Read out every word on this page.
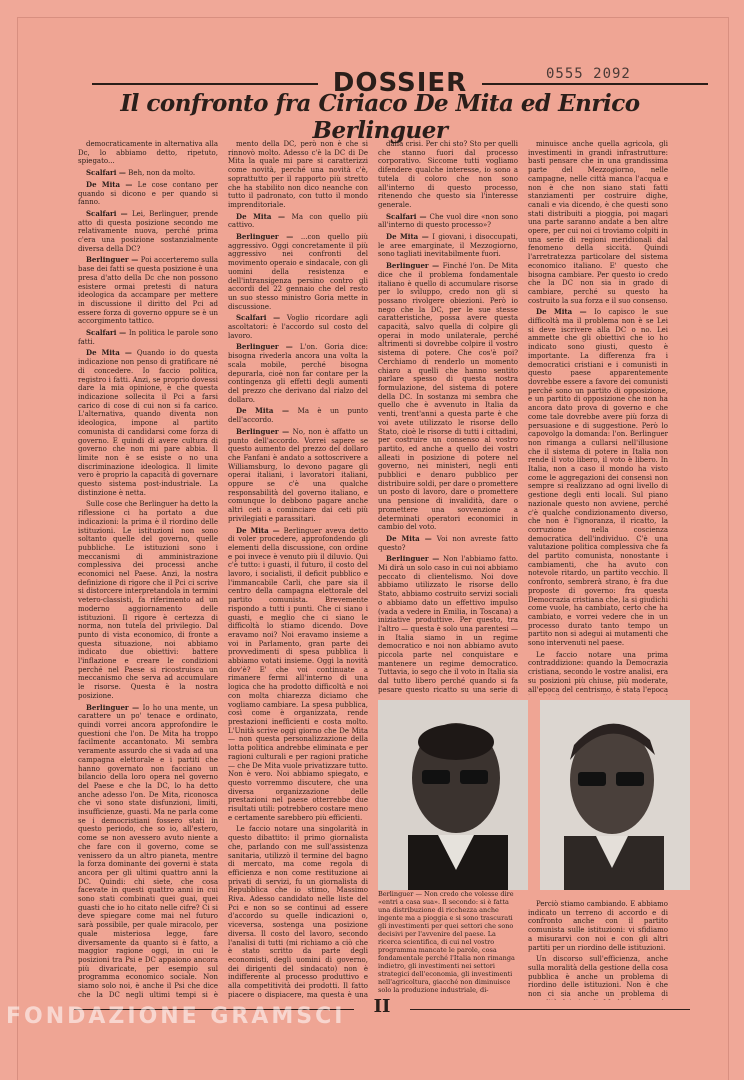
0555 2092
DOSSIER
Il confronto fra Ciriaco De Mita ed Enrico Berlinguer

democraticamente in alternativa alla Dc, lo abbiamo detto, ripetuto, spiegato...

Scalfari — Beh, non da molto.

De Mita — Le cose contano per quando si dicono e per quando si fanno.

Scalfari — Lei, Berlinguer, prende atto di questa posizione secondo me relativamente nuova, perché prima c'era una posizione sostanzialmente diversa della DC?

Berlinguer — Poi accerteremo sulla base dei fatti se questa posizione è una presa d'atto della Dc che non possono esistere ormai pretesti di natura ideologica da accampare per mettere in discussione il diritto del Pci ad essere forza di governo oppure se è un accorgimento tattico.

Scalfari — In politica le parole sono fatti.

De Mita — Quando io do questa indicazione non penso di gratificare né di concedere. Io faccio politica, registro i fatti. Anzi, se proprio dovessi dare la mia opinione, è che questa indicazione sollecita il Pci a farsi carico di cose di cui non si fa carico. L'alternativa, quando diventa non ideologica, impone al partito comunista di candidarsi come forza di governo. E quindi di avere cultura di governo che non mi pare abbia. Il limite non è se esiste o no una discriminazione ideologica. Il limite vero è proprio la capacità di governare questo sistema post-industriale. La distinzione è netta.

Sulle cose che Berlinguer ha detto la riflessione ci ha portato a due indicazioni: la prima è il riordino delle istituzioni. Le istituzioni non sono soltanto quelle del governo, quelle pubbliche. Le istituzioni sono i meccanismi di amministrazione complessiva dei processi anche economici nel Paese. Anzi, la nostra definizione di rigore che il Pci ci scrive si distorcere interpretandola in termini vetero-classisti, fa riferimento ad un moderno aggiornamento delle istituzioni. Il rigore è certezza di norma, non tutela del privilegio. Dal punto di vista economico, di fronte a questa situazione, noi abbiamo indicato due obiettivi: battere l'inflazione e creare le condizioni perché nel Paese si ricostruisca un meccanismo che serva ad accumulare le risorse. Questa è la nostra posizione.

Berlinguer — Io ho una mente, un carattere un po' tenace e ordinato, quindi vorrei ancora approfondire le questioni che l'on. De Mita ha troppo facilmente accantonato. Mi sembra veramente assurdo che si vada ad una campagna elettorale e i partiti che hanno governato non facciano un bilancio della loro opera nel governo del Paese e che la DC, lo ha detto anche adesso l'on. De Mita, riconosca che vi sono state disfunzioni, limiti, insufficienze, guasti. Ma ne parla come se i democristiani fossero stati in questo periodo, che so io, all'estero, come se non avessero avuto niente a che fare con il governo, come se venissero da un altro pianeta, mentre la forza dominante dei governi è stata ancora per gli ultimi quattro anni la DC. Quindi: chi siete, che cosa facevate in questi quattro anni in cui sono stati combinati quei guai, quei guasti che io ho citato nelle cifre? Ci si deve spiegare come mai nel futuro sarà possibile, per quale miracolo, per quale misteriosa legge, fare diversamente da quanto si è fatto, a maggior ragione oggi, in cui le posizioni tra Psi e DC appaiono ancora più divaricate, per esempio sul programma economico sociale. Non siamo solo noi, è anche il Psi che dice che la DC negli ultimi tempi si è

mento della DC, però non è che si rinnovò molto. Adesso c'è la DC di De Mita la quale mi pare si caratterizzi come novità, perché una novità c'è, soprattutto per il rapporto più stretto che ha stabilito non dico neanche con tutto il padronato, con tutto il mondo imprenditoriale.

De Mita — Ma con quello più cattivo.

Berlinguer — ...con quello più aggressivo. Oggi concretamente il più aggressivo nei confronti del movimento operaio e sindacale, con gli uomini della resistenza e dell'intransigenza persino contro gli accordi del 22 gennaio che del resto un suo stesso ministro Goria mette in discussione.

Scalfari — Voglio ricordare agli ascoltatori: è l'accordo sul costo del lavoro.

Berlinguer — L'on. Goria dice: bisogna rivederla ancora una volta la scala mobile, perché bisogna depurarla, cioè non far contare per la contingenza gli effetti degli aumenti del prezzo che derivano dal rialzo del dollaro.

De Mita — Ma è un punto dell'accordo.

Berlinguer — No, non è affatto un punto dell'accordo. Vorrei sapere se questo aumento del prezzo del dollaro che Fanfani è andato a sottoscrivere a Williamsburg, lo devono pagare gli operai italiani, i lavoratori italiani, oppure se c'è una qualche responsabilità del governo italiano, e comunque lo debbono pagare anche altri ceti a cominciare dai ceti più privilegiati e parassitari.

De Mita — Berlinguer aveva detto di voler procedere, approfondendo gli elementi della discussione, con ordine e poi invece è venuto più il diluvio. Qui c'è tutto: i guasti, il futuro, il costo del lavoro, i socialisti, il deficit pubblico e l'immancabile Carli, che pare sia il centro della campagna elettorale del partito comunista. Brevemente rispondo a tutti i punti. Che ci siano i guasti, e meglio che ci siano le difficoltà lo stiamo dicendo. Dove eravamo noi? Noi eravamo insieme a voi in Parlamento, gran parte dei provvedimenti di spesa pubblica li abbiamo votati insieme. Oggi la novità dov'è? E' che voi continuate a rimanere fermi all'interno di una logica che ha prodotto difficoltà e noi con molta chiarezza diciamo che vogliamo cambiare. La spesa pubblica, così come è organizzata, rende prestazioni inefficienti e costa molto. L'Unità scrive oggi giorno che De Mita — non questa personalizzazione della lotta politica andrebbe eliminata e per ragioni culturali e per ragioni pratiche — che De Mita vuole privatizzare tutto. Non è vero. Noi abbiamo spiegato, e questo vorremmo discutere, che una diversa organizzazione delle prestazioni nel paese otterrebbe due risultati utili: potrebbero costare meno e certamente sarebbero più efficienti.

Le faccio notare una singolarità in questo dibattito: il primo giornalista che, parlando con me sull'assistenza sanitaria, utilizzò il termine del bagno di mercato, ma come regola di efficienza e non come restituzione ai privati di servizi, fu un giornalista di Repubblica che io stimo, Massimo Riva. Adesso candidato nelle liste del Pci e non so se continui ad essere d'accordo su quelle indicazioni o, viceversa, sostenga una posizione diversa. Il costo del lavoro, secondo l'analisi di tutti (mi richiamo a ciò che è stato scritto da parte degli economisti, degli uomini di governo, dei dirigenti del sindacato) non è indifferente al processo produttivo e alla competitività dei prodotti. Il fatto piacere o dispiacere, ma questa è una

dalla crisi. Per chi sto? Sto per quelli che stanno fuori dal processo corporativo. Siccome tutti vogliamo difendere qualche interesse, io sono a tutela di coloro che non sono all'interno di questo processo, ritenendo che questo sia l'interesse generale.

Scalfari — Che vuol dire «non sono all'interno di questo processo»?

De Mita — I giovani, i disoccupati, le aree emarginate, il Mezzogiorno, sono tagliati inevitabilmente fuori.

Berlinguer — Finché l'on. De Mita dice che il problema fondamentale italiano è quello di accumulare risorse per lo sviluppo, credo non gli si possano rivolgere obiezioni. Però io nego che la DC, per le sue stesse caratteristiche, possa avere questa capacità, salvo quella di colpire gli operai in modo unilaterale, perché altrimenti si dovrebbe colpire il vostro sistema di potere. Che cos'è poi? Cerchiamo di renderlo un momento chiaro a quelli che hanno sentito parlare spesso di questa nostra formulazione, del sistema di potere della DC. In sostanza mi sembra che quello che è avvenuto in Italia da venti, trent'anni a questa parte è che voi avete utilizzato le risorse dello Stato, cioè le risorse di tutti i cittadini, per costruire un consenso al vostro partito, ed anche a quello dei vostri alleati in posizione di potere nel governo, nei ministeri, negli enti pubblici e denaro pubblico per distribuire soldi, per dare o promettere un posto di lavoro, dare o promettere una pensione di invalidità, dare o promettere una sovvenzione a determinati operatori economici in cambio del voto.

De Mita — Voi non avreste fatto questo?

Berlinguer — Non l'abbiamo fatto. Mi dirà un solo caso in cui noi abbiamo peccato di clientelismo. Noi dove abbiamo utilizzato le risorse dello Stato, abbiamo costruito servizi sociali o abbiamo dato un effettivo impulso (vada a vedere in Emilia, in Toscana) a iniziative produttive. Per questo, tra l'altro — questa è solo una parentesi — in Italia siamo in un regime democratico e noi non abbiamo avuto piccola parte nel conquistare e mantenere un regime democratico. Tuttavia, io sego che il voto in Italia sia dal tutto libero perché quando si fa pesare questo ricatto su una serie di

minuisce anche quella agricola, gli investimenti in grandi infrastrutture: basti pensare che in una grandissima parte del Mezzogiorno, nelle campagne, nelle città manca l'acqua e non è che non siano stati fatti stanziamenti per costruire dighe, canali e via dicendo, è che questi sono stati distribuiti a pioggia, poi magari una parte saranno andate a ben altre opere, per cui noi ci troviamo colpiti in una serie di regioni meridionali dal fenomeno della siccità. Quindi l'arretratezza particolare del sistema economico italiano. E' questo che bisogna cambiare. Per questo io credo che la DC non sia in grado di cambiare, perché su questo ha costruito la sua forza e il suo consenso.

De Mita — Io capisco le sue difficoltà ma il problema non è se Lei si deve iscrivere alla DC o no. Lei ammette che gli obiettivi che io ho indicato sono giusti, questo è importante. La differenza fra i democratici cristiani e i comunisti in questo paese apparentemente dovrebbe essere a favore dei comunisti perché sono un partito di opposizione, e un partito di opposizione che non ha ancora dato prova di governo e che come tale dovrebbe avere più forza di persuasione e di suggestione. Però lo capovolgo la domanda: l'on. Berlinguer non rimanga a cullarsi nell'illusione che il sistema di potere in Italia non rende il voto libero, il voto è libero. In Italia, non a caso il mondo ha visto come le aggregazioni dei consensi non sempre si realizzano ad ogni livello di gestione degli enti locali. Sul piano nazionale questo non avviene, perché c'è qualche condizionamento diverso, che non è l'ignoranza, il ricatto, la corruzione nella coscienza democratica dell'individuo. C'è una valutazione politica complessiva che fa del partito comunista, nonostante i cambiamenti, che ha avuto con notevole ritardo, un partito vecchio. Il confronto, sembrerà strano, è fra due proposte di governo: fra questa Democrazia cristiana che, la si giudichi come vuole, ha cambiato, certo che ha cambiato, e vorrei vedere che in un processo durato tanto tempo un partito non si adegui ai mutamenti che sono intervenuti nel paese.

Le faccio notare una prima contraddizione: quando la Democrazia cristiana, secondo le vostre analisi, era su posizioni più chiuse, più moderate, all'epoca del centrismo, è stata l'epoca

Berlinguer — Non credo che volesse dire «entri a casa sua». Il secondo: si è fatta una distribuzione di ricchezza anche ingente ma a pioggia e si sono trascurati gli investimenti per quei settori che sono decisivi per l'avvenire del paese. La ricerca scientifica, di cui nel vostro programma mancate le parole, cosa fondamentale perché l'Italia non rimanga indietro, gli investimenti nei settori strategici dell'economia, gli investimenti nell'agricoltura, giacché non diminuisce solo la produzione industriale, di-

Perciò stiamo cambiando. E abbiamo indicato un terreno di accordo e di confronto anche con il partito comunista sulle istituzioni: vi sfidiamo a misurarvi con noi e con gli altri partiti per un riordino delle istituzioni.

Un discorso sull'efficienza, anche sulla moralità della gestione della cosa pubblica è anche un problema di riordino delle istituzioni. Non è che non ci sia anche un problema di

II
FONDAZIONE GRAMSCI
